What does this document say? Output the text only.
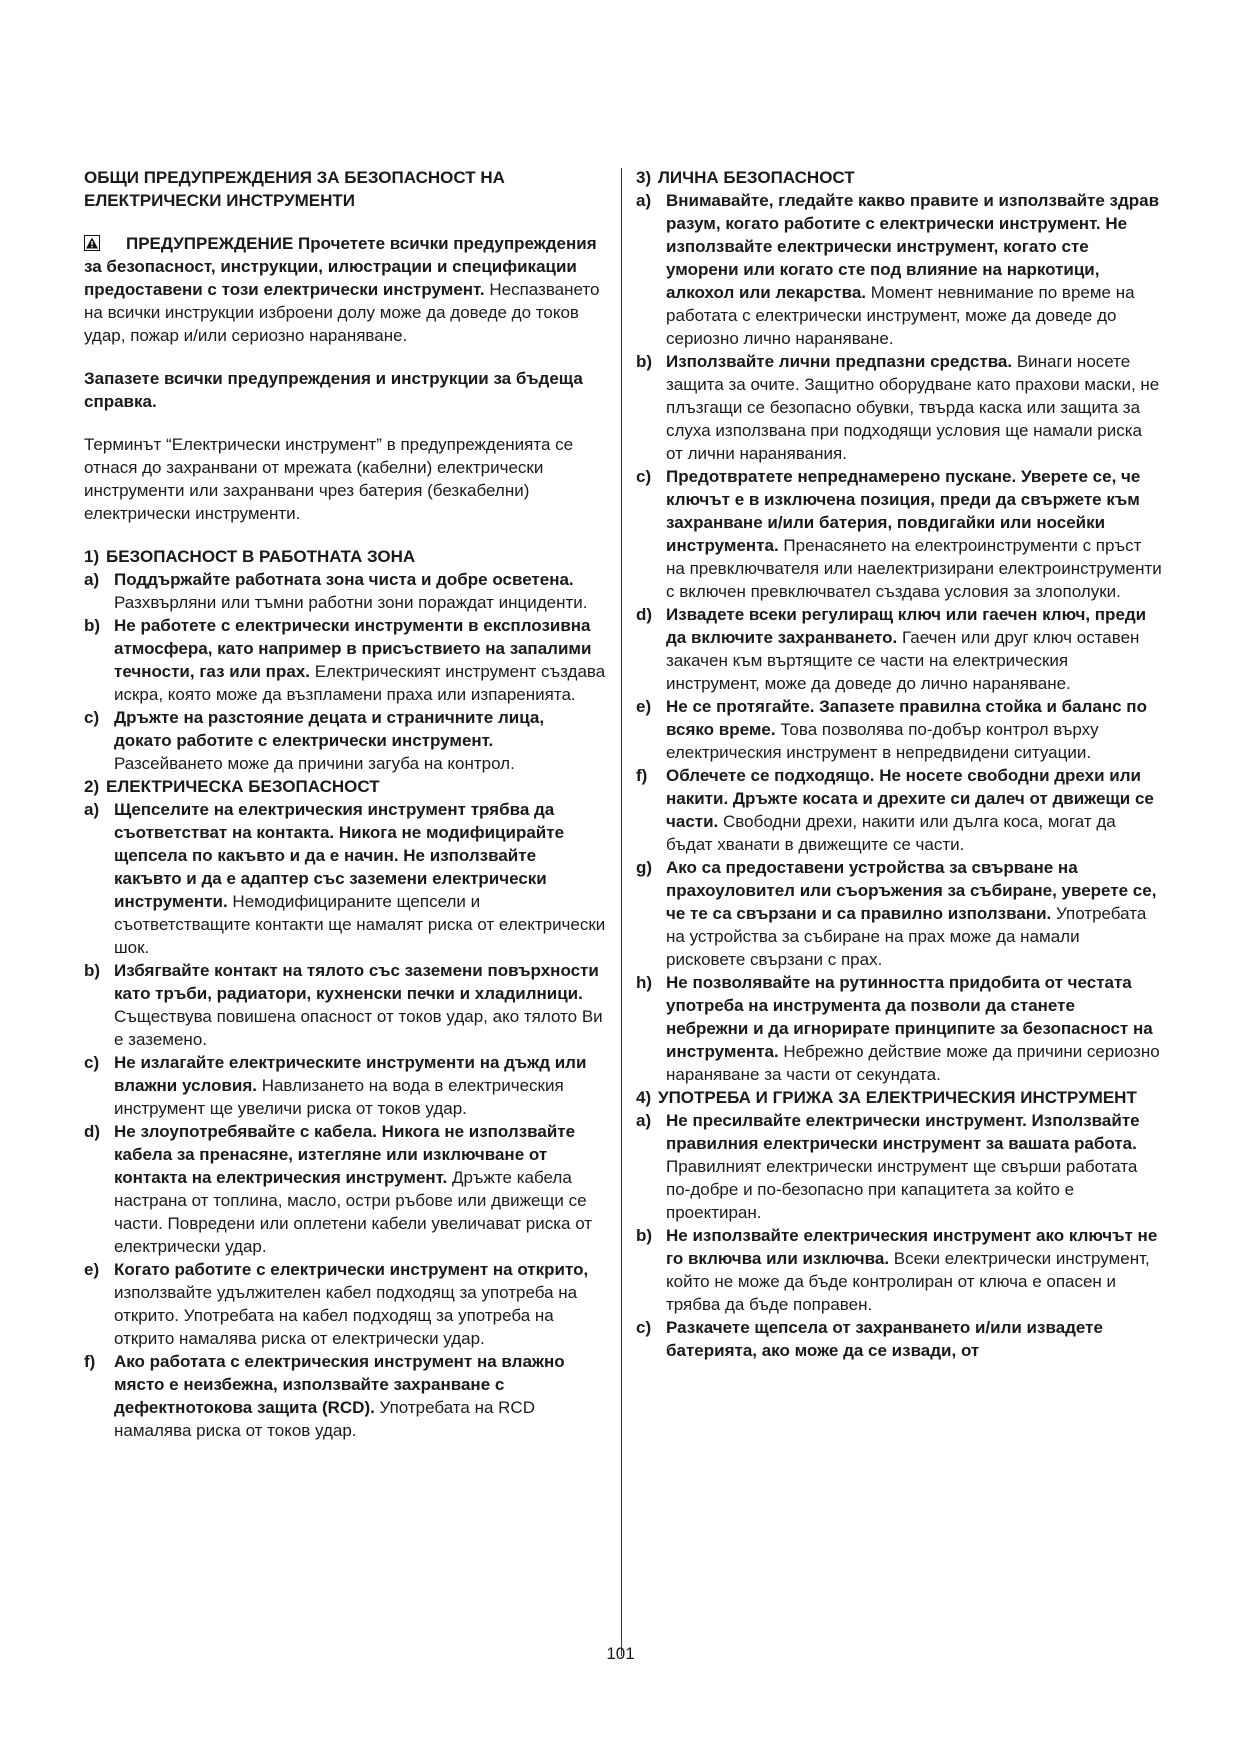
ОБЩИ ПРЕДУПРЕЖДЕНИЯ ЗА БЕЗОПАСНОСТ НА ЕЛЕКТРИЧЕСКИ ИНСТРУМЕНТИ

ПРЕДУПРЕЖДЕНИЕ Прочетете всички предупреждения за безопасност, инструкции, илюстрации и спецификации предоставени с този електрически инструмент. Неспазването на всички инструкции изброени долу може да доведе до токов удар, пожар и/или сериозно нараняване.

Запазете всички предупреждения и инструкции за бъдеща справка.

Терминът “Електрически инструмент” в предупрежденията се отнася до захранвани от мрежата (кабелни) електрически инструменти или захранвани чрез батерия (безкабелни) електрически инструменти.

1) БЕЗОПАСНОСТ В РАБОТНАТА ЗОНА
a) Поддържайте работната зона чиста и добре осветена. Разхвърляни или тъмни работни зони пораждат инциденти.
b) Не работете с електрически инструменти в експлозивна атмосфера, като например в присъствието на запалими течности, газ или прах. Електрическият инструмент създава искра, която може да възпламени праха или изпаренията.
c) Дръжте на разстояние децата и страничните лица, докато работите с електрически инструмент. Разсейването може да причини загуба на контрол.
2) ЕЛЕКТРИЧЕСКА БЕЗОПАСНОСТ
a) Щепселите на електрическия инструмент трябва да съответстват на контакта. Никога не модифицирайте щепсела по какъвто и да е начин. Не използвайте какъвто и да е адаптер със заземени електрически инструменти. Немодифицираните щепсели и съответстващите контакти ще намалят риска от електрически шок.
b) Избягвайте контакт на тялото със заземени повърхности като тръби, радиатори, кухненски печки и хладилници. Съществува повишена опасност от токов удар, ако тялото Ви е заземено.
c) Не излагайте електрическите инструменти на дъжд или влажни условия. Навлизането на вода в електрическия инструмент ще увеличи риска от токов удар.
d) Не злоупотребявайте с кабела. Никога не използвайте кабела за пренасяне, изтегляне или изключване от контакта на електрическия инструмент. Дръжте кабела настрана от топлина, масло, остри ръбове или движещи се части. Повредени или оплетени кабели увеличават риска от електрически удар.
e) Когато работите с електрически инструмент на открито, използвайте удължителен кабел подходящ за употреба на открито. Употребата на кабел подходящ за употреба на открито намалява риска от електрически удар.
f)	Ако работата с електрическия инструмент на влажно място е неизбежна, използвайте захранване с дефектнотокова защита (RCD). Употребата на RCD намалява риска от токов удар.
3) ЛИЧНА БЕЗОПАСНОСТ
a) Внимавайте, гледайте какво правите и използвайте здрав разум, когато работите с електрически инструмент. Не използвайте електрически инструмент, когато сте уморени или когато сте под влияние на наркотици, алкохол или лекарства. Момент невнимание по време на работата с електрически инструмент, може да доведе до сериозно лично нараняване.
b) Използвайте лични предпазни средства. Винаги носете защита за очите. Защитно оборудване като прахови маски, не плъзгащи се безопасно обувки, твърда каска или защита за слуха използвана при подходящи условия ще намали риска от лични наранявания.
c) Предотвратете непреднамерено пускане. Уверете се, че ключът е в изключена позиция, преди да свържете към захранване и/или батерия, повдигайки или носейки инструмента. Пренасянето на електроинструменти с пръст на превключвателя или наелектризирани електроинструменти с включен превключвател създава условия за злополуки.
d) Извадете всеки регулиращ ключ или гаечен ключ, преди да включите захранването. Гаечен или друг ключ оставен закачен към въртящите се части на електрическия инструмент, може да доведе до лично нараняване.
e) Не се протягайте. Запазете правилна стойка и баланс по всяко време. Това позволява по-добър контрол върху електрическия инструмент в непредвидени ситуации.
f)	Облечете се подходящо. Не носете свободни дрехи или накити. Дръжте косата и дрехите си далеч от движещи се части. Свободни дрехи, накити или дълга коса, могат да бъдат хванати в движещите се части.
g) Ако са предоставени устройства за свърване на прахоуловител или съоръжения за събиране, уверете се, че те са свързани и са правилно използвани. Употребата на устройства за събиране на прах може да намали рисковете свързани с прах.
h) Не позволявайте на рутинността придобита от честата употреба на инструмента да позволи да станете небрежни и да игнорирате принципите за безопасност на инструмента. Небрежно действие може да причини сериозно нараняване за части от секундата.
4) УПОТРЕБА И ГРИЖА ЗА ЕЛЕКТРИЧЕСКИЯ ИНСТРУМЕНТ
a) Не пресилвайте електрически инструмент. Използвайте правилния електрически инструмент за вашата работа. Правилният електрически инструмент ще свърши работата по-добре и по-безопасно при капацитета за който е проектиран.
b) Не използвайте електрическия инструмент ако ключът не го включва или изключва. Всеки електрически инструмент, който не може да бъде контролиран от ключа е опасен и трябва да бъде поправен.
c) Разкачете щепсела от захранването и/или извадете батерията, ако може да се извади, от
101
